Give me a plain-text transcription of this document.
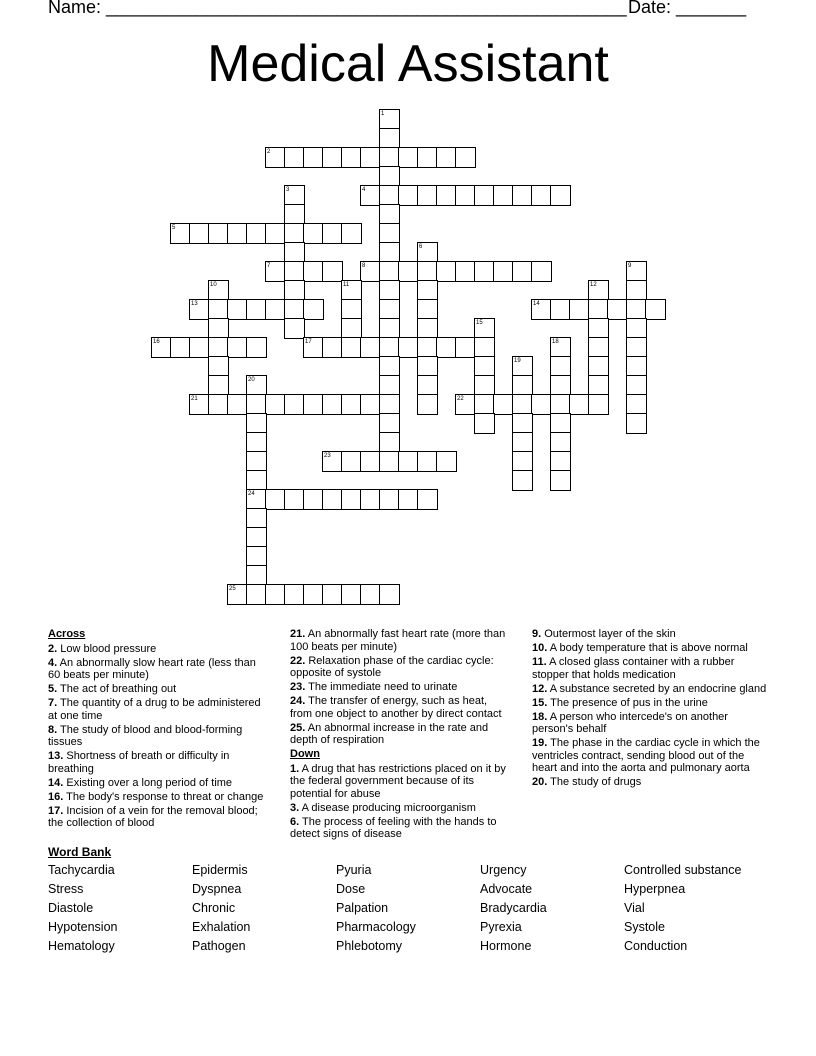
Name: ____________________________________________________ Date: _______
Medical Assistant
1
2
3	4
5
6
7	8	9
10	11	12
13	14
15
16	17	18
19
20
21	22
23
24
25
Across
2. Low blood pressure
4. An abnormally slow heart rate (less than 60 beats per minute)
5. The act of breathing out
7. The quantity of a drug to be administered at one time
8. The study of blood and blood-forming tissues
13. Shortness of breath or difficulty in breathing
14. Existing over a long period of time
16. The body's response to threat or change
17. Incision of a vein for the removal blood; the collection of blood
21. An abnormally fast heart rate (more than 100 beats per minute)
22. Relaxation phase of the cardiac cycle: opposite of systole
23. The immediate need to urinate
24. The transfer of energy, such as heat, from one object to another by direct contact
25. An abnormal increase in the rate and depth of respiration
Down
1. A drug that has restrictions placed on it by the federal government because of its potential for abuse
3. A disease producing microorganism
6. The process of feeling with the hands to detect signs of disease
9. Outermost layer of the skin
10. A body temperature that is above normal
11. A closed glass container with a rubber stopper that holds medication
12. A substance secreted by an endocrine gland
15. The presence of pus in the urine
18. A person who intercede's on another person's behalf
19. The phase in the cardiac cycle in which the ventricles contract, sending blood out of the heart and into the aorta and pulmonary aorta
20. The study of drugs
Word Bank
Tachycardia	Epidermis	Pyuria	Urgency	Controlled substance
Stress	Dyspnea	Dose	Advocate	Hyperpnea
Diastole	Chronic	Palpation	Bradycardia	Vial
Hypotension	Exhalation	Pharmacology	Pyrexia	Systole
Hematology	Pathogen	Phlebotomy	Hormone	Conduction
